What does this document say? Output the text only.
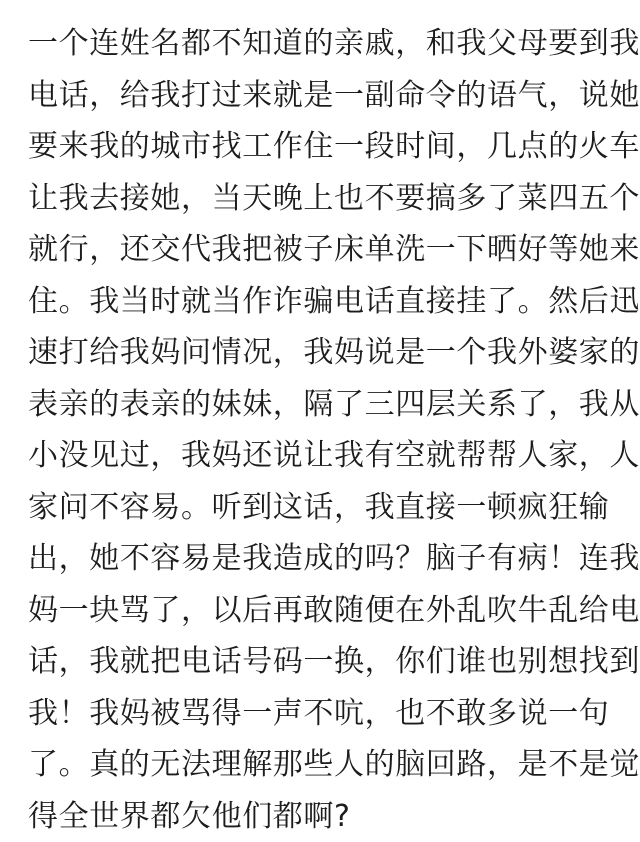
一个连姓名都不知道的亲戚，和我父母要到我
电话，给我打过来就是一副命令的语气，说她
要来我的城市找工作住一段时间，几点的火车
让我去接她，当天晚上也不要搞多了菜四五个
就行，还交代我把被子床单洗一下晒好等她来
住。我当时就当作诈骗电话直接挂了。然后迅
速打给我妈问情况，我妈说是一个我外婆家的
表亲的表亲的妹妹，隔了三四层关系了，我从
小没见过，我妈还说让我有空就帮帮人家，人
家问不容易。听到这话，我直接一顿疯狂输
出，她不容易是我造成的吗？脑子有病！连我
妈一块骂了，以后再敢随便在外乱吹牛乱给电
话，我就把电话号码一换，你们谁也别想找到
我！我妈被骂得一声不吭，也不敢多说一句
了。真的无法理解那些人的脑回路，是不是觉
得全世界都欠他们都啊?
